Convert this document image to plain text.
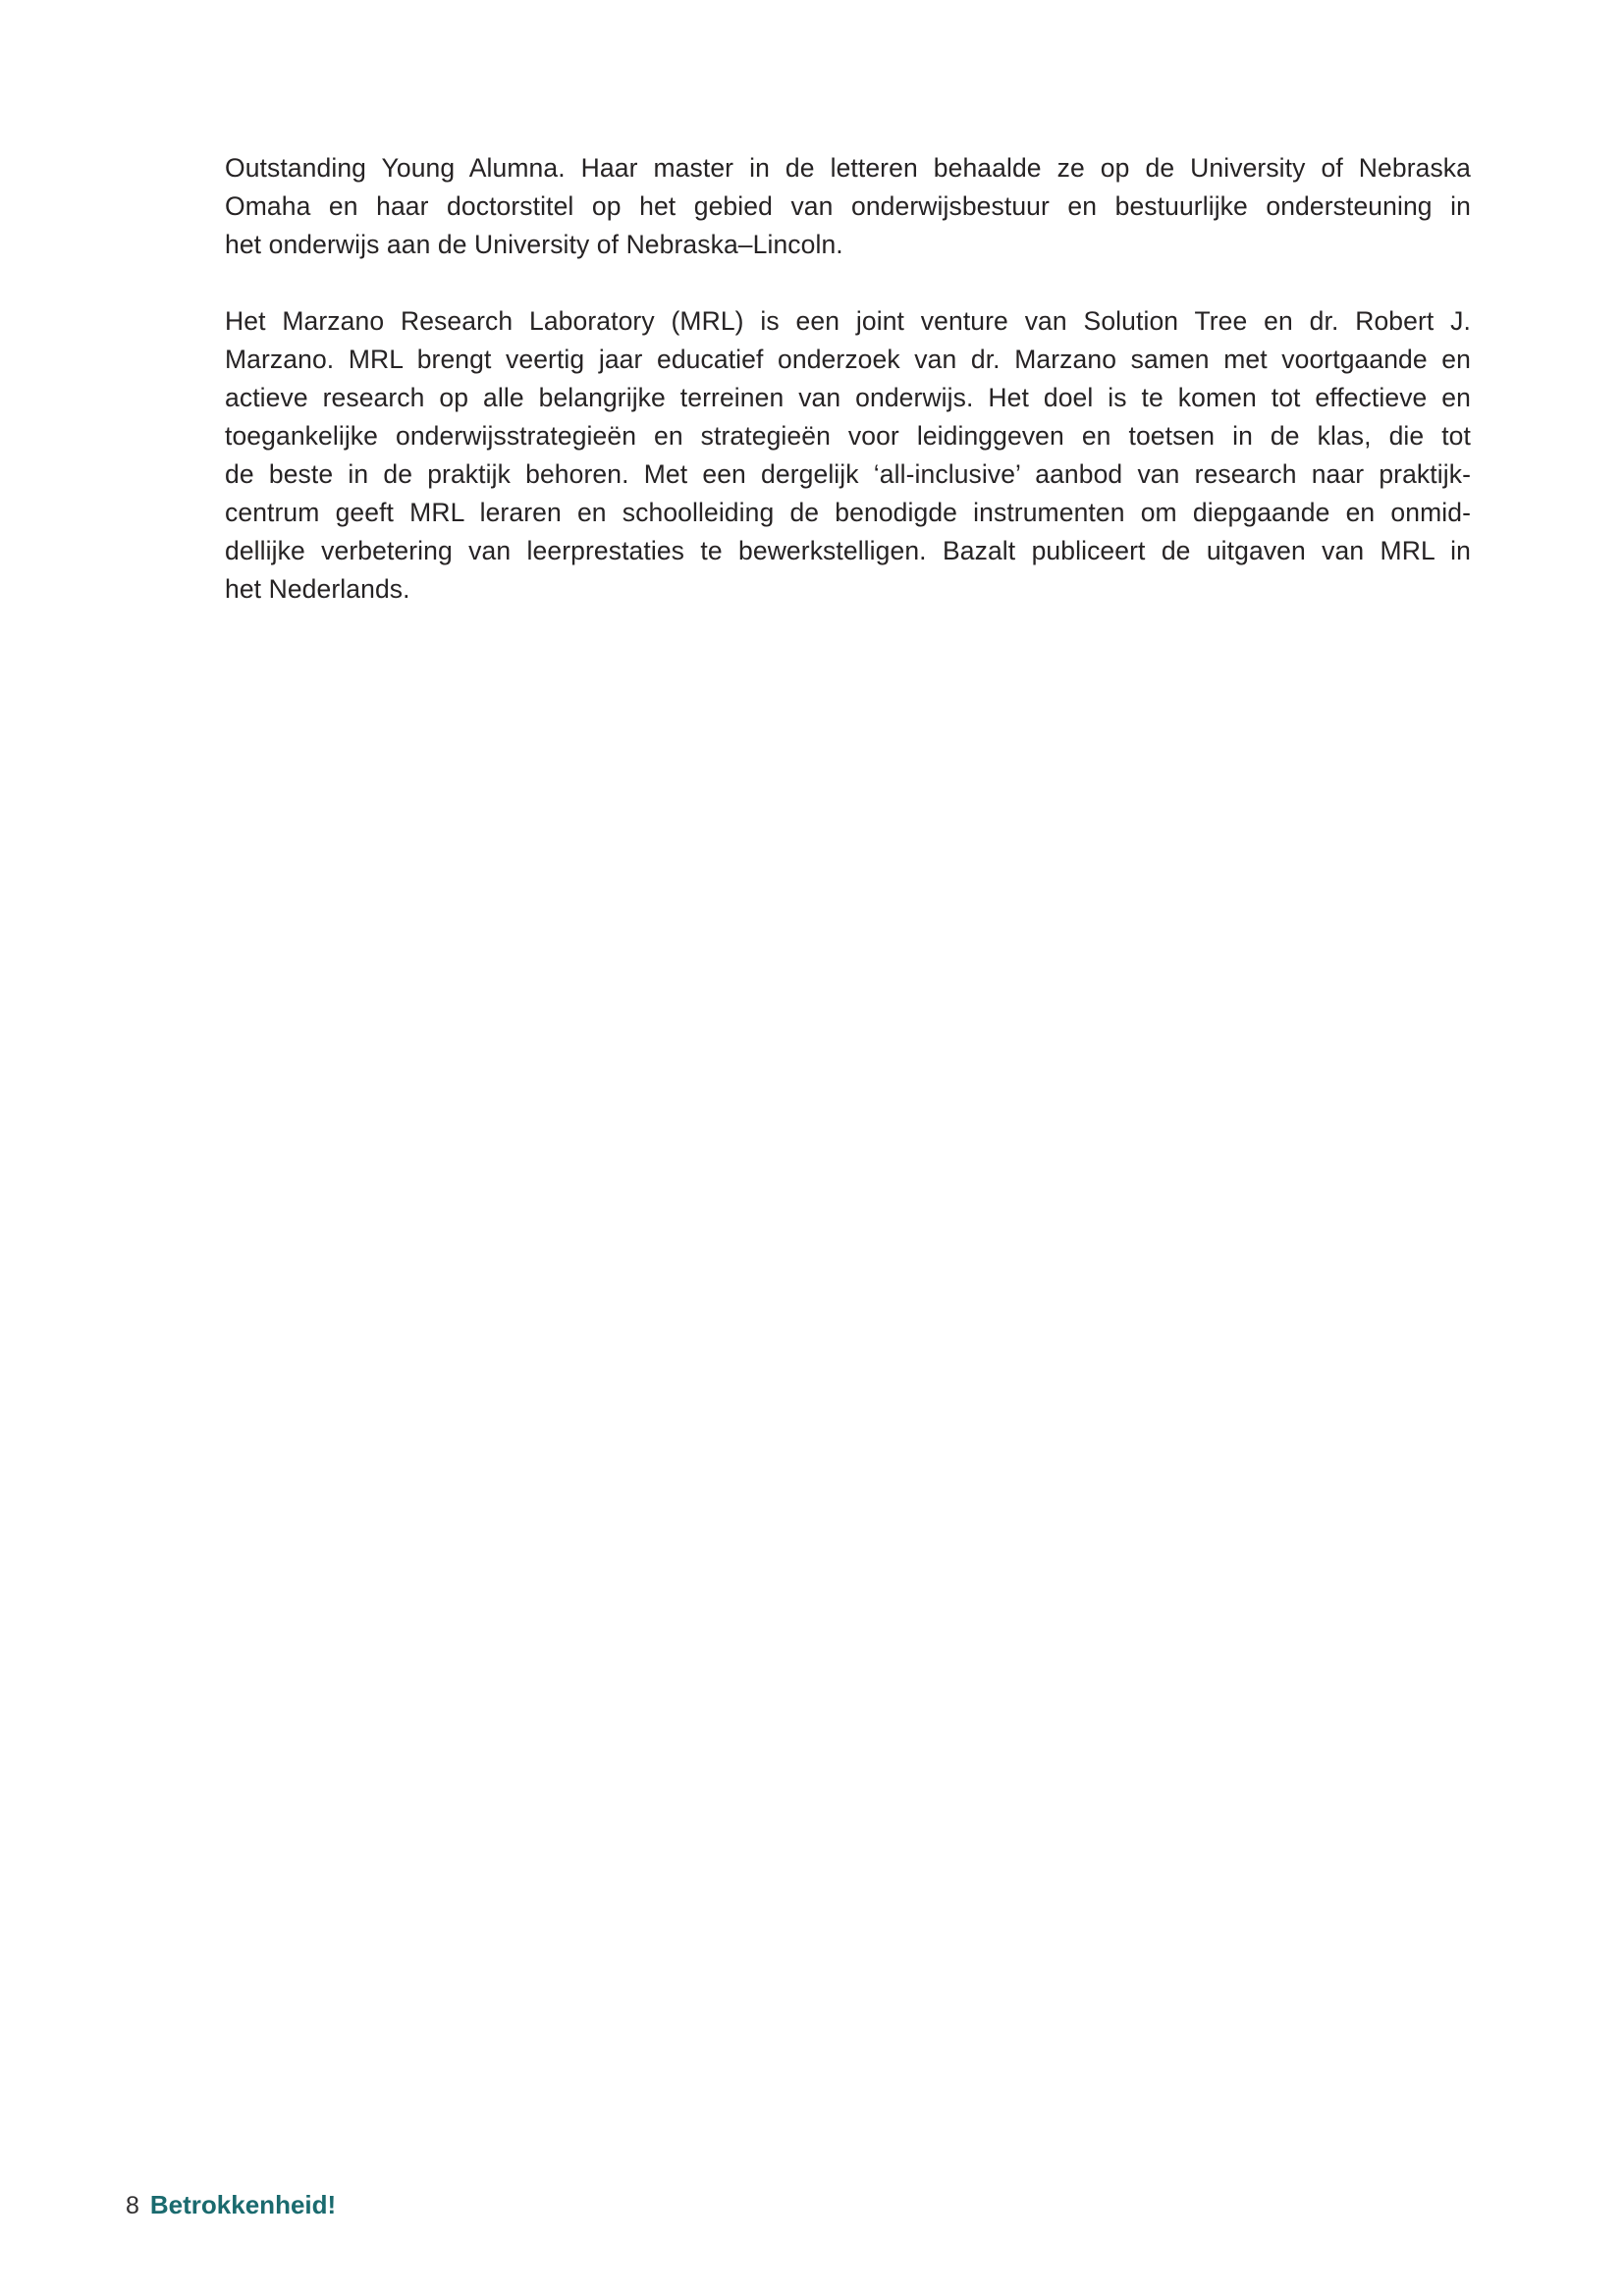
Outstanding Young Alumna. Haar master in de letteren behaalde ze op de University of Nebraska
Omaha en haar doctorstitel op het gebied van onderwijsbestuur en bestuurlijke ondersteuning in
het onderwijs aan de University of Nebraska–Lincoln.
Het Marzano Research Laboratory (MRL) is een joint venture van Solution Tree en dr. Robert J.
Marzano. MRL brengt veertig jaar educatief onderzoek van dr. Marzano samen met voortgaande en
actieve research op alle belangrijke terreinen van onderwijs. Het doel is te komen tot effectieve en
toegankelijke onderwijsstrategieën en strategieën voor leidinggeven en toetsen in de klas, die tot
de beste in de praktijk behoren. Met een dergelijk ‘all-inclusive’ aanbod van research naar praktijk-
centrum geeft MRL leraren en schoolleiding de benodigde instrumenten om diepgaande en onmid-
dellijke verbetering van leerprestaties te bewerkstelligen. Bazalt publiceert de uitgaven van MRL in
het Nederlands.
8 Betrokkenheid!
